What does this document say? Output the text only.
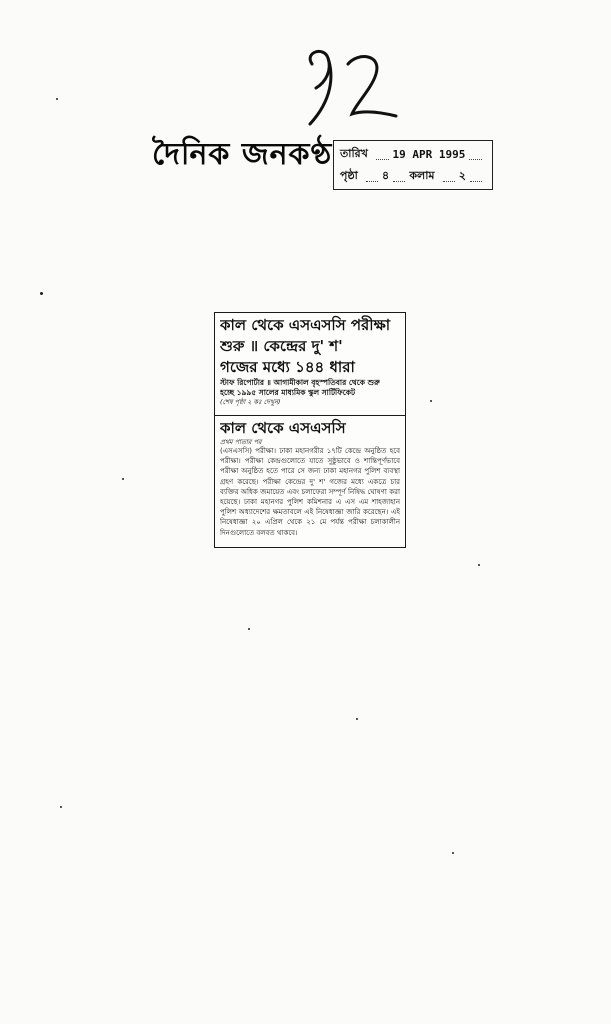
দৈনিক জনকণ্ঠ তারিখ 19 APR 1995
পৃষ্ঠা ৪ কলাম ২
কাল থেকে এসএসসি পরীক্ষা
শুরু ॥ কেন্দ্রের দু' শ'
গজের মধ্যে ১৪৪ ধারা
স্টাফ রিপোর্টার ॥ আগামীকাল বৃহস্পতিবার থেকে শুরু
হচ্ছে ১৯৯৫ সালের মাধ্যমিক স্কুল সার্টিফিকেট
(শেষ পৃষ্ঠা ২ কঃ দেখুন)
কাল থেকে এসএসসি
প্রথম পাতার পর
(এসএসসি) পরীক্ষা। ঢাকা মহানগরীর ১৭টি কেন্দ্রে অনুষ্ঠিত হবে পরীক্ষা। পরীক্ষা কেন্দ্রগুলোতে যাতে সুষ্ঠুভাবে ও শান্তিপূর্ণভাবে পরীক্ষা অনুষ্ঠিত হতে পারে সে জন্য ঢাকা মহানগর পুলিশ ব্যবস্থা গ্রহণ করেছে। পরীক্ষা কেন্দ্রের দু' শ' গজের মধ্যে একত্রে চার ব্যক্তির অধিক জমায়েত এবং চলাফেরা সম্পূর্ণ নিষিদ্ধ ঘোষণা করা হয়েছে। ঢাকা মহানগর পুলিশ কমিশনার এ এস এম শাহজাহান পুলিশ অধ্যাদেশের ক্ষমতাবলে এই নিষেধাজ্ঞা জারি করেছেন। এই নিষেধাজ্ঞা ২০ এপ্রিল থেকে ২১ মে পর্যন্ত পরীক্ষা চলাকালীন দিনগুলোতে বলবত থাকবে।
